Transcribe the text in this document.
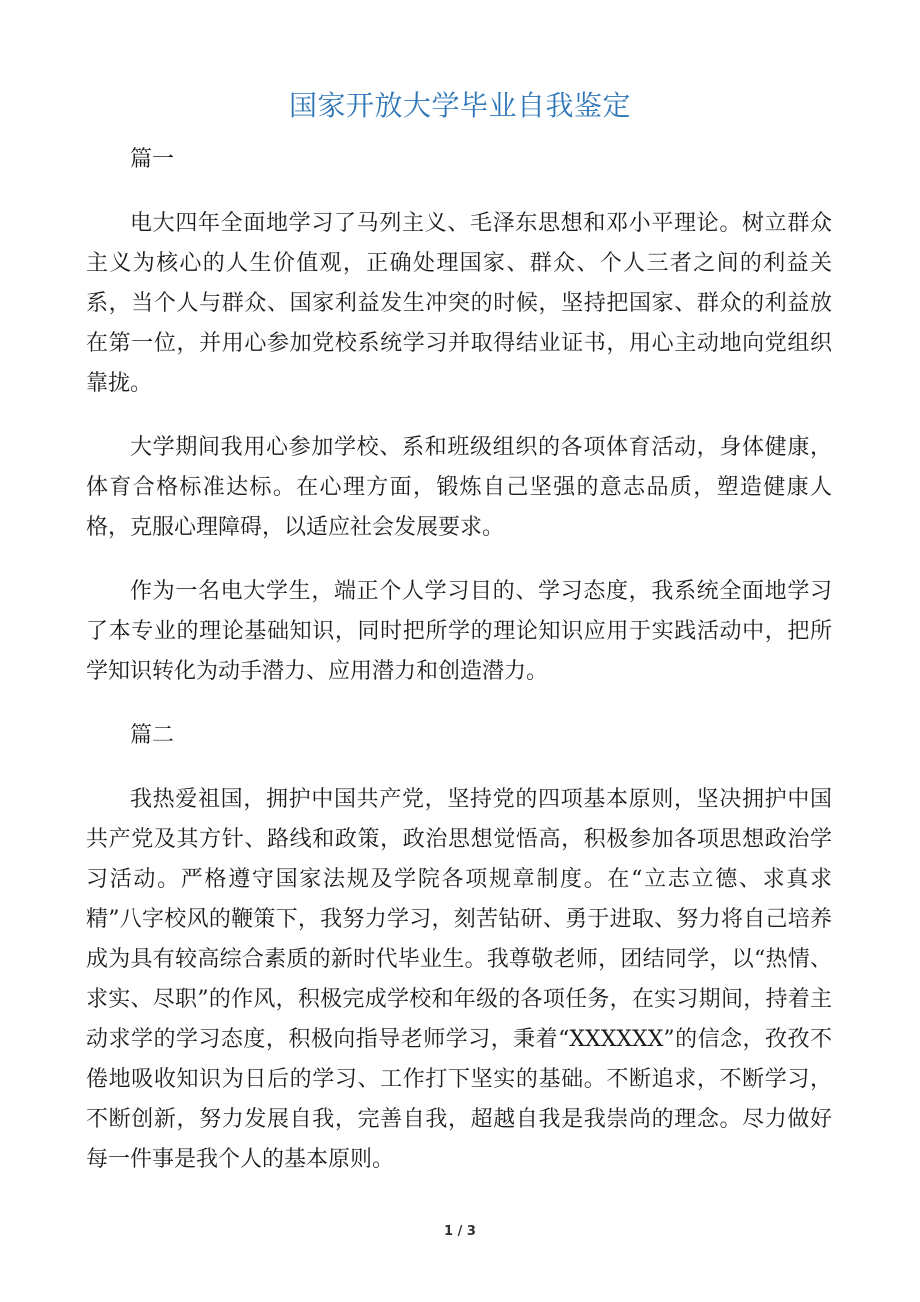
国家开放大学毕业自我鉴定

篇一

电大四年全面地学习了马列主义、毛泽东思想和邓小平理论。树立群众主义为核心的人生价值观，正确处理国家、群众、个人三者之间的利益关系，当个人与群众、国家利益发生冲突的时候，坚持把国家、群众的利益放在第一位，并用心参加党校系统学习并取得结业证书，用心主动地向党组织靠拢。

大学期间我用心参加学校、系和班级组织的各项体育活动，身体健康，体育合格标准达标。在心理方面，锻炼自己坚强的意志品质，塑造健康人格，克服心理障碍，以适应社会发展要求。

作为一名电大学生，端正个人学习目的、学习态度，我系统全面地学习了本专业的理论基础知识，同时把所学的理论知识应用于实践活动中，把所学知识转化为动手潜力、应用潜力和创造潜力。

篇二

我热爱祖国，拥护中国共产党，坚持党的四项基本原则，坚决拥护中国共产党及其方针、路线和政策，政治思想觉悟高，积极参加各项思想政治学习活动。严格遵守国家法规及学院各项规章制度。在“立志立德、求真求精”八字校风的鞭策下，我努力学习，刻苦钻研、勇于进取、努力将自己培养成为具有较高综合素质的新时代毕业生。我尊敬老师，团结同学，以“热情、求实、尽职”的作风，积极完成学校和年级的各项任务，在实习期间，持着主动求学的学习态度，积极向指导老师学习，秉着“XXXXXX”的信念，孜孜不倦地吸收知识为日后的学习、工作打下坚实的基础。不断追求，不断学习，不断创新，努力发展自我，完善自我，超越自我是我崇尚的理念。尽力做好每一件事是我个人的基本原则。

1 / 3
